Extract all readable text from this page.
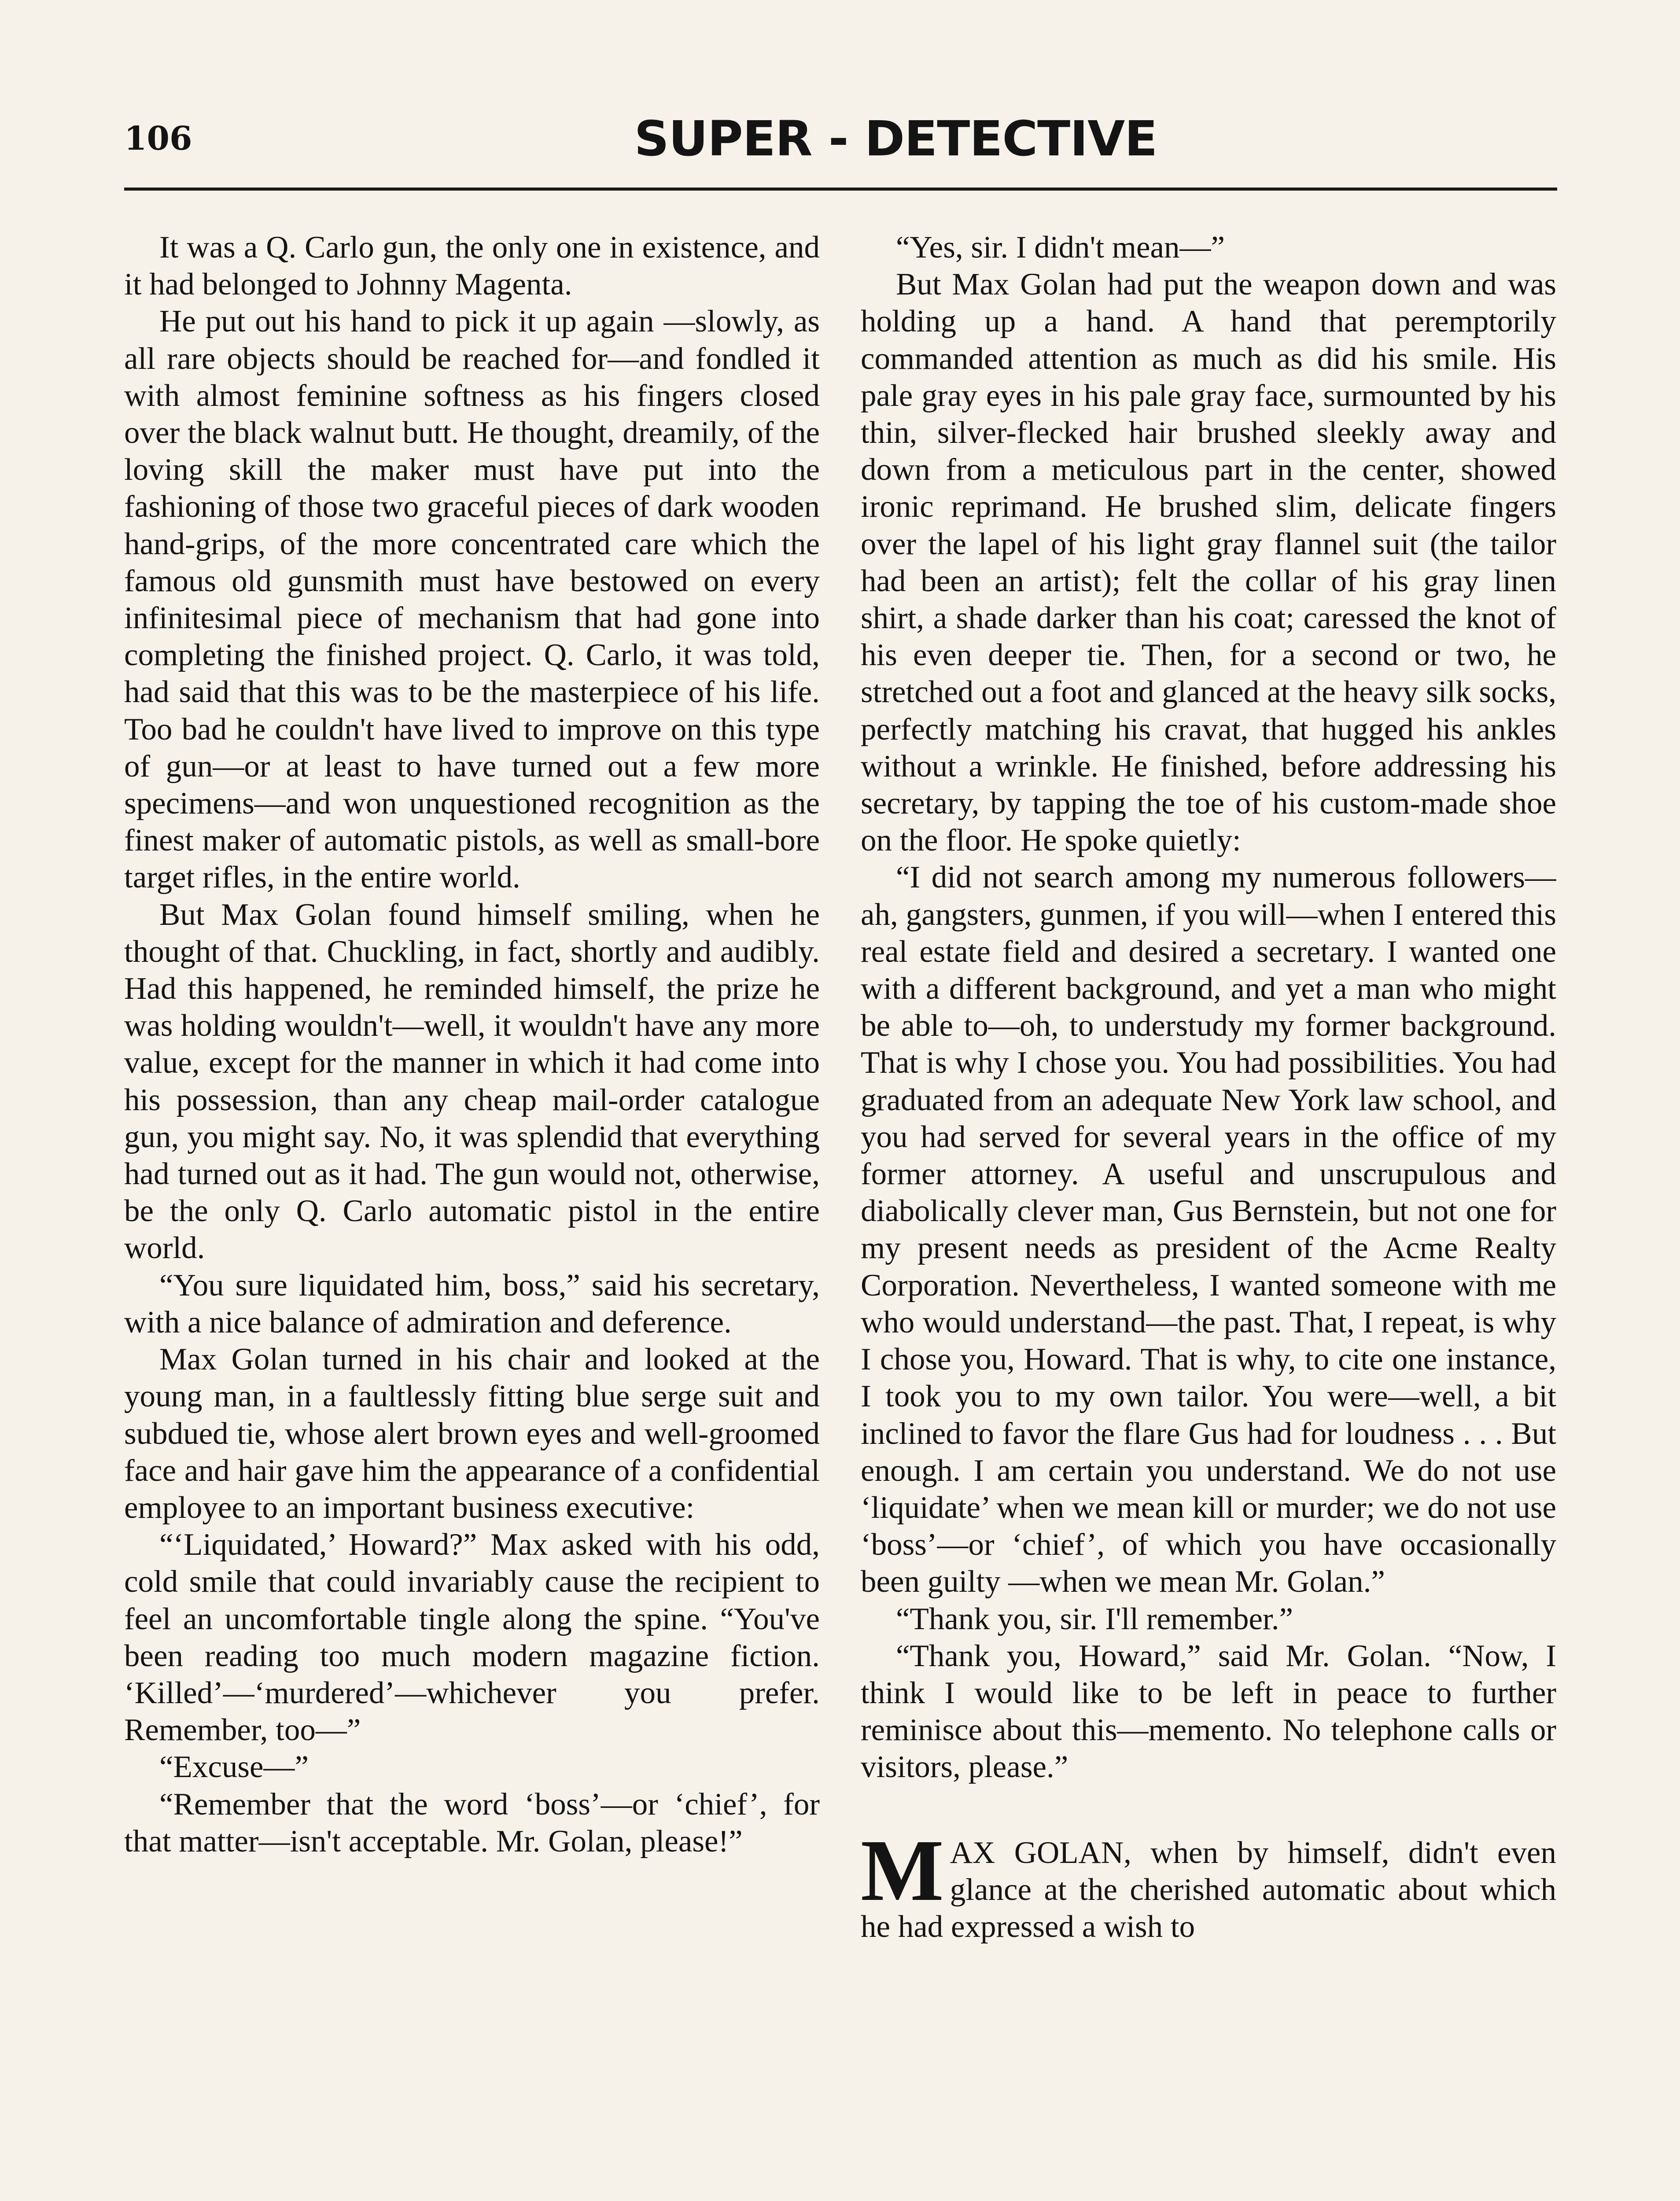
106	SUPER - DETECTIVE

It was a Q. Carlo gun, the only one in existence, and it had belonged to Johnny Magenta.

He put out his hand to pick it up again —slowly, as all rare objects should be reached for—and fondled it with almost feminine softness as his fingers closed over the black walnut butt. He thought, dreamily, of the loving skill the maker must have put into the fashioning of those two graceful pieces of dark wooden hand-grips, of the more concentrated care which the famous old gunsmith must have bestowed on every infinitesimal piece of mechanism that had gone into completing the finished project. Q. Carlo, it was told, had said that this was to be the masterpiece of his life. Too bad he couldn't have lived to improve on this type of gun—or at least to have turned out a few more specimens—and won unquestioned recognition as the finest maker of automatic pistols, as well as small-bore target rifles, in the entire world.

But Max Golan found himself smiling, when he thought of that. Chuckling, in fact, shortly and audibly. Had this happened, he reminded himself, the prize he was holding wouldn't—well, it wouldn't have any more value, except for the manner in which it had come into his possession, than any cheap mail-order catalogue gun, you might say. No, it was splendid that everything had turned out as it had. The gun would not, otherwise, be the only Q. Carlo automatic pistol in the entire world.

“You sure liquidated him, boss,” said his secretary, with a nice balance of admiration and deference.

Max Golan turned in his chair and looked at the young man, in a faultlessly fitting blue serge suit and subdued tie, whose alert brown eyes and well-groomed face and hair gave him the appearance of a confidential employee to an important business executive:

“‘Liquidated,’ Howard?” Max asked with his odd, cold smile that could invariably cause the recipient to feel an uncomfortable tingle along the spine. “You've been reading too much modern magazine fiction. ‘Killed’—‘murdered’—whichever you prefer. Remember, too—”

“Excuse—”

“Remember that the word ‘boss’—or ‘chief’, for that matter—isn't acceptable. Mr. Golan, please!”

“Yes, sir. I didn't mean—”

But Max Golan had put the weapon down and was holding up a hand. A hand that peremptorily commanded attention as much as did his smile. His pale gray eyes in his pale gray face, surmounted by his thin, silver-flecked hair brushed sleekly away and down from a meticulous part in the center, showed ironic reprimand. He brushed slim, delicate fingers over the lapel of his light gray flannel suit (the tailor had been an artist); felt the collar of his gray linen shirt, a shade darker than his coat; caressed the knot of his even deeper tie. Then, for a second or two, he stretched out a foot and glanced at the heavy silk socks, perfectly matching his cravat, that hugged his ankles without a wrinkle. He finished, before addressing his secretary, by tapping the toe of his custom-made shoe on the floor. He spoke quietly:

“I did not search among my numerous followers—ah, gangsters, gunmen, if you will—when I entered this real estate field and desired a secretary. I wanted one with a different background, and yet a man who might be able to—oh, to understudy my former background. That is why I chose you. You had possibilities. You had graduated from an adequate New York law school, and you had served for several years in the office of my former attorney. A useful and unscrupulous and diabolically clever man, Gus Bernstein, but not one for my present needs as president of the Acme Realty Corporation. Nevertheless, I wanted someone with me who would understand—the past. That, I repeat, is why I chose you, Howard. That is why, to cite one instance, I took you to my own tailor. You were—well, a bit inclined to favor the flare Gus had for loudness . . . But enough. I am certain you understand. We do not use ‘liquidate’ when we mean kill or murder; we do not use ‘boss’—or ‘chief’, of which you have occasionally been guilty —when we mean Mr. Golan.”

“Thank you, sir. I'll remember.”

“Thank you, Howard,” said Mr. Golan. “Now, I think I would like to be left in peace to further reminisce about this—memento. No telephone calls or visitors, please.”

MAX GOLAN, when by himself, didn't even glance at the cherished automatic about which he had expressed a wish to
